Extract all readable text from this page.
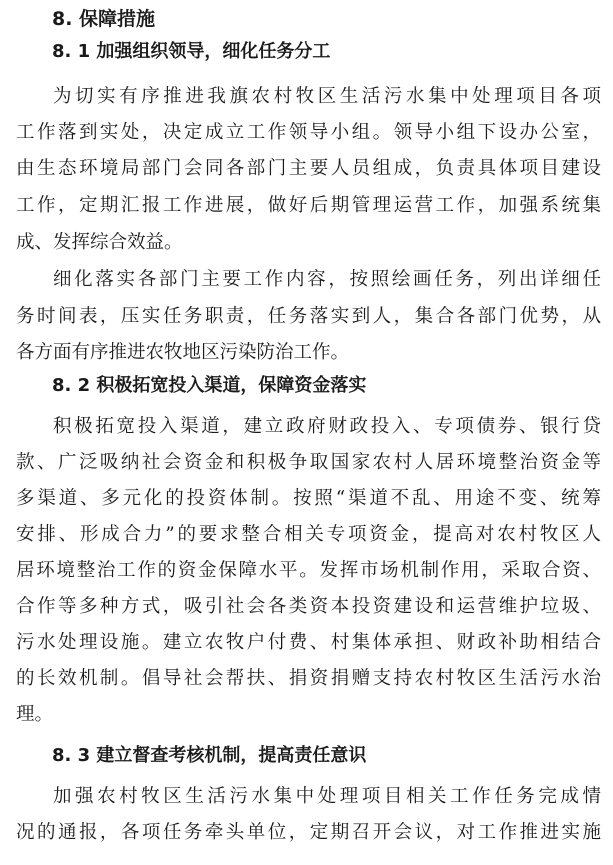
8. 保障措施
8. 1 加强组织领导，细化任务分工
为切实有序推进我旗农村牧区生活污水集中处理项目各项
工作落到实处，决定成立工作领导小组。领导小组下设办公室，
由生态环境局部门会同各部门主要人员组成，负责具体项目建设
工作，定期汇报工作进展，做好后期管理运营工作，加强系统集
成、发挥综合效益。
细化落实各部门主要工作内容，按照绘画任务，列出详细任
务时间表，压实任务职责，任务落实到人，集合各部门优势，从
各方面有序推进农牧地区污染防治工作。
8. 2 积极拓宽投入渠道，保障资金落实
积极拓宽投入渠道，建立政府财政投入、专项债券、银行贷
款、广泛吸纳社会资金和积极争取国家农村人居环境整治资金等
多渠道、多元化的投资体制。按照“渠道不乱、用途不变、统筹
安排、形成合力”的要求整合相关专项资金，提高对农村牧区人
居环境整治工作的资金保障水平。发挥市场机制作用，采取合资、
合作等多种方式，吸引社会各类资本投资建设和运营维护垃圾、
污水处理设施。建立农牧户付费、村集体承担、财政补助相结合
的长效机制。倡导社会帮扶、捐资捐赠支持农村牧区生活污水治
理。
8. 3 建立督查考核机制，提高责任意识
加强农村牧区生活污水集中处理项目相关工作任务完成情
况的通报，各项任务牵头单位，定期召开会议，对工作推进实施
